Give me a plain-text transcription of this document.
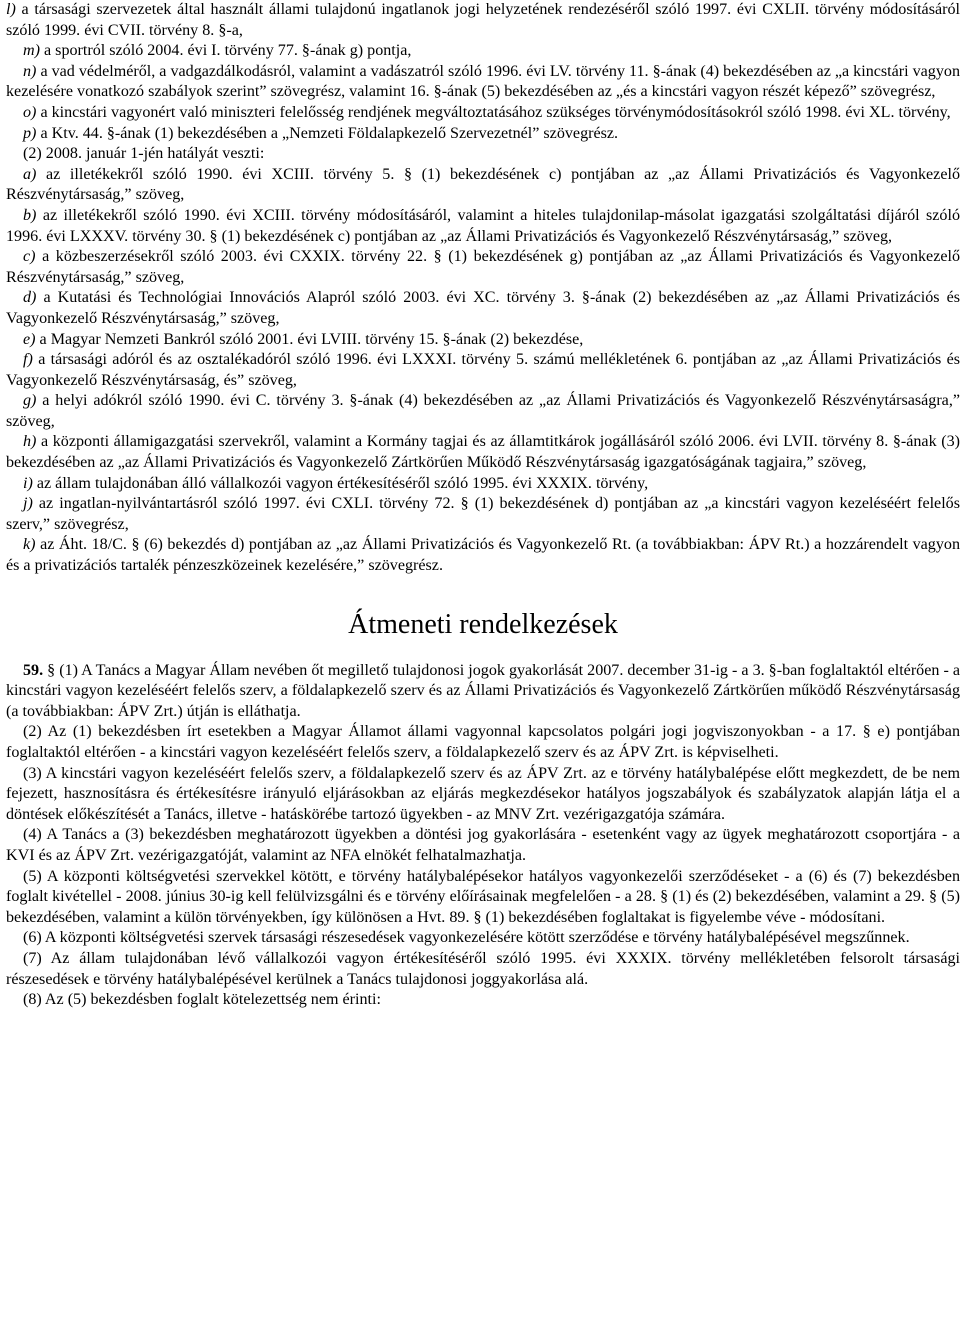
l) a társasági szervezetek által használt állami tulajdonú ingatlanok jogi helyzetének rendezéséről szóló 1997. évi CXLII. törvény módosításáról szóló 1999. évi CVII. törvény 8. §-a,

m) a sportról szóló 2004. évi I. törvény 77. §-ának g) pontja,

n) a vad védelméről, a vadgazdálkodásról, valamint a vadászatról szóló 1996. évi LV. törvény 11. §-ának (4) bekezdésében az „a kincstári vagyon kezelésére vonatkozó szabályok szerint” szövegrész, valamint 16. §-ának (5) bekezdésében az „és a kincstári vagyon részét képező” szövegrész,

o) a kincstári vagyonért való miniszteri felelősség rendjének megváltoztatásához szükséges törvénymódosításokról szóló 1998. évi XL. törvény,

p) a Ktv. 44. §-ának (1) bekezdésében a „Nemzeti Földalapkezelő Szervezetnél” szövegrész.

(2) 2008. január 1-jén hatályát veszti:

a) az illetékekről szóló 1990. évi XCIII. törvény 5. § (1) bekezdésének c) pontjában az „az Állami Privatizációs és Vagyonkezelő Részvénytársaság,” szöveg,

b) az illetékekről szóló 1990. évi XCIII. törvény módosításáról, valamint a hiteles tulajdonilap-másolat igazgatási szolgáltatási díjáról szóló 1996. évi LXXXV. törvény 30. § (1) bekezdésének c) pontjában az „az Állami Privatizációs és Vagyonkezelő Részvénytársaság,” szöveg,

c) a közbeszerzésekről szóló 2003. évi CXXIX. törvény 22. § (1) bekezdésének g) pontjában az „az Állami Privatizációs és Vagyonkezelő Részvénytársaság,” szöveg,

d) a Kutatási és Technológiai Innovációs Alapról szóló 2003. évi XC. törvény 3. §-ának (2) bekezdésében az „az Állami Privatizációs és Vagyonkezelő Részvénytársaság,” szöveg,

e) a Magyar Nemzeti Bankról szóló 2001. évi LVIII. törvény 15. §-ának (2) bekezdése,

f) a társasági adóról és az osztalékadóról szóló 1996. évi LXXXI. törvény 5. számú mellékletének 6. pontjában az „az Állami Privatizációs és Vagyonkezelő Részvénytársaság, és” szöveg,

g) a helyi adókról szóló 1990. évi C. törvény 3. §-ának (4) bekezdésében az „az Állami Privatizációs és Vagyonkezelő Részvénytársaságra,” szöveg,

h) a központi államigazgatási szervekről, valamint a Kormány tagjai és az államtitkárok jogállásáról szóló 2006. évi LVII. törvény 8. §-ának (3) bekezdésében az „az Állami Privatizációs és Vagyonkezelő Zártkörűen Működő Részvénytársaság igazgatóságának tagjaira,” szöveg,

i) az állam tulajdonában álló vállalkozói vagyon értékesítéséről szóló 1995. évi XXXIX. törvény,

j) az ingatlan-nyilvántartásról szóló 1997. évi CXLI. törvény 72. § (1) bekezdésének d) pontjában az „a kincstári vagyon kezeléséért felelős szerv,” szövegrész,

k) az Áht. 18/C. § (6) bekezdés d) pontjában az „az Állami Privatizációs és Vagyonkezelő Rt. (a továbbiakban: ÁPV Rt.) a hozzárendelt vagyon és a privatizációs tartalék pénzeszközeinek kezelésére,” szövegrész.

Átmeneti rendelkezések

59. § (1) A Tanács a Magyar Állam nevében őt megillető tulajdonosi jogok gyakorlását 2007. december 31-ig - a 3. §-ban foglaltaktól eltérően - a kincstári vagyon kezeléséért felelős szerv, a földalapkezelő szerv és az Állami Privatizációs és Vagyonkezelő Zártkörűen működő Részvénytársaság (a továbbiakban: ÁPV Zrt.) útján is elláthatja.

(2) Az (1) bekezdésben írt esetekben a Magyar Államot állami vagyonnal kapcsolatos polgári jogi jogviszonyokban - a 17. § e) pontjában foglaltaktól eltérően - a kincstári vagyon kezeléséért felelős szerv, a földalapkezelő szerv és az ÁPV Zrt. is képviselheti.

(3) A kincstári vagyon kezeléséért felelős szerv, a földalapkezelő szerv és az ÁPV Zrt. az e törvény hatálybalépése előtt megkezdett, de be nem fejezett, hasznosításra és értékesítésre irányuló eljárásokban az eljárás megkezdésekor hatályos jogszabályok és szabályzatok alapján látja el a döntések előkészítését a Tanács, illetve - hatáskörébe tartozó ügyekben - az MNV Zrt. vezérigazgatója számára.

(4) A Tanács a (3) bekezdésben meghatározott ügyekben a döntési jog gyakorlására - esetenként vagy az ügyek meghatározott csoportjára - a KVI és az ÁPV Zrt. vezérigazgatóját, valamint az NFA elnökét felhatalmazhatja.

(5) A központi költségvetési szervekkel kötött, e törvény hatálybalépésekor hatályos vagyonkezelői szerződéseket - a (6) és (7) bekezdésben foglalt kivétellel - 2008. június 30-ig kell felülvizsgálni és e törvény előírásainak megfelelően - a 28. § (1) és (2) bekezdésében, valamint a 29. § (5) bekezdésében, valamint a külön törvényekben, így különösen a Hvt. 89. § (1) bekezdésében foglaltakat is figyelembe véve - módosítani.

(6) A központi költségvetési szervek társasági részesedések vagyonkezelésére kötött szerződése e törvény hatálybalépésével megszűnnek.

(7) Az állam tulajdonában lévő vállalkozói vagyon értékesítéséről szóló 1995. évi XXXIX. törvény mellékletében felsorolt társasági részesedések e törvény hatálybalépésével kerülnek a Tanács tulajdonosi joggyakorlása alá.

(8) Az (5) bekezdésben foglalt kötelezettség nem érinti:
